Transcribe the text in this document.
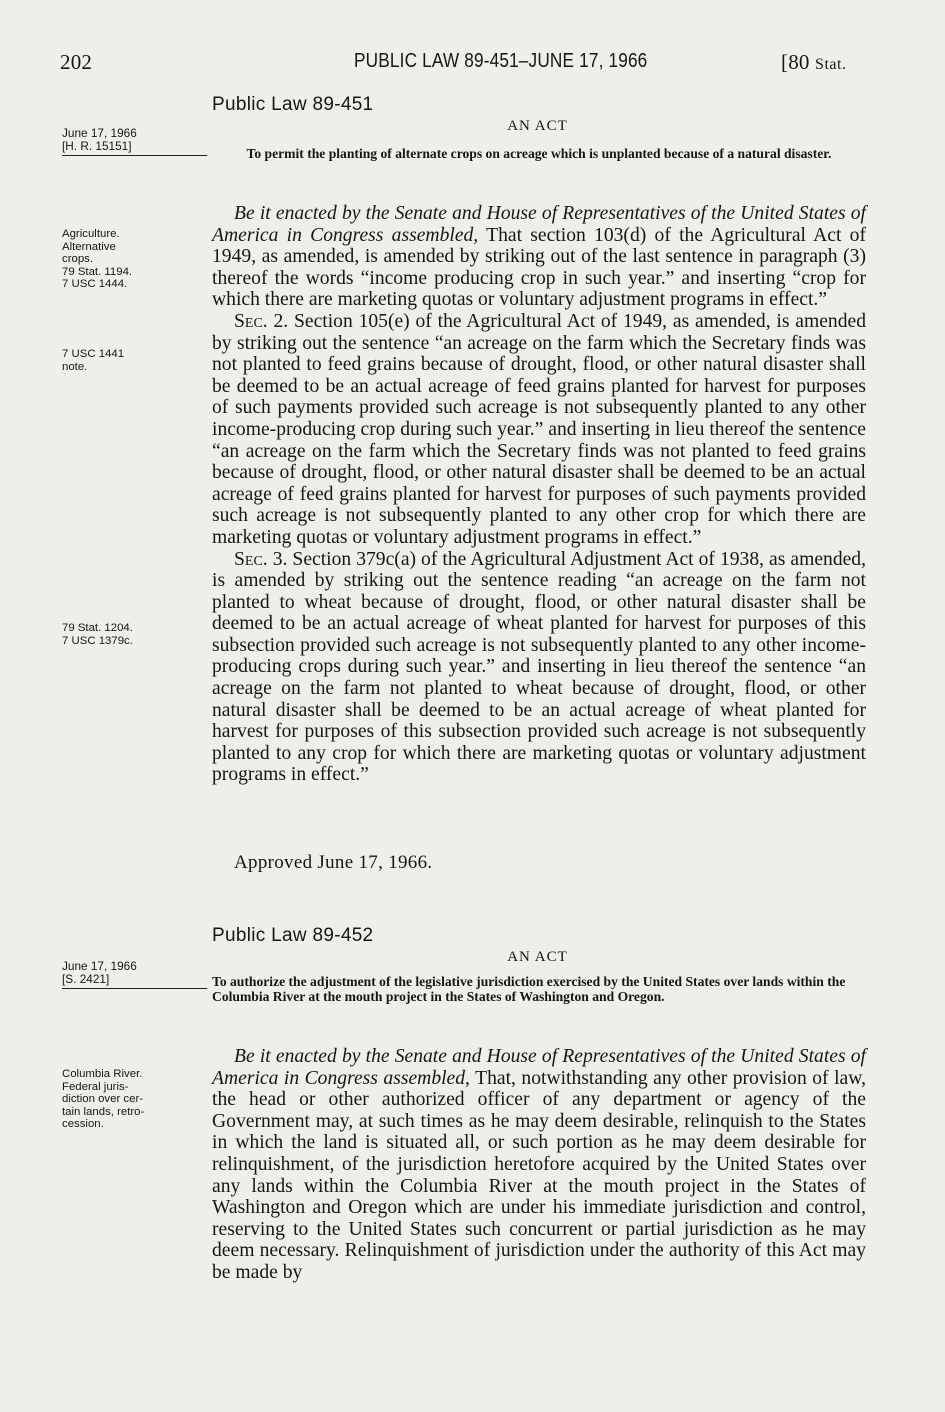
202	PUBLIC LAW 89-451–JUNE 17, 1966	[80 Stat.
Public Law 89-451
AN ACT
June 17, 1966
[H. R. 15151]	To permit the planting of alternate crops on acreage which is unplanted because of a natural disaster.
Agriculture.
Alternative
crops.
79 Stat. 1194.
7 USC 1444.
7 USC 1441
note.
79 Stat. 1204.
7 USC 1379c.

Be it enacted by the Senate and House of Representatives of the United States of America in Congress assembled, That section 103(d) of the Agricultural Act of 1949, as amended, is amended by striking out of the last sentence in paragraph (3) thereof the words “income producing crop in such year.” and inserting “crop for which there are marketing quotas or voluntary adjustment programs in effect.”

Sec. 2. Section 105(e) of the Agricultural Act of 1949, as amended, is amended by striking out the sentence “an acreage on the farm which the Secretary finds was not planted to feed grains because of drought, flood, or other natural disaster shall be deemed to be an actual acreage of feed grains planted for harvest for purposes of such payments provided such acreage is not subsequently planted to any other income-producing crop during such year.” and inserting in lieu thereof the sentence “an acreage on the farm which the Secretary finds was not planted to feed grains because of drought, flood, or other natural disaster shall be deemed to be an actual acreage of feed grains planted for harvest for purposes of such payments provided such acreage is not subsequently planted to any other crop for which there are marketing quotas or voluntary adjustment programs in effect.”

Sec. 3. Section 379c(a) of the Agricultural Adjustment Act of 1938, as amended, is amended by striking out the sentence reading “an acreage on the farm not planted to wheat because of drought, flood, or other natural disaster shall be deemed to be an actual acreage of wheat planted for harvest for purposes of this subsection provided such acreage is not subsequently planted to any other income-producing crops during such year.” and inserting in lieu thereof the sentence “an acreage on the farm not planted to wheat because of drought, flood, or other natural disaster shall be deemed to be an actual acreage of wheat planted for harvest for purposes of this subsection provided such acreage is not subsequently planted to any crop for which there are marketing quotas or voluntary adjustment programs in effect.”

Approved June 17, 1966.
Public Law 89-452
AN ACT
June 17, 1966
[S. 2421]	To authorize the adjustment of the legislative jurisdiction exercised by the United States over lands within the Columbia River at the mouth project in the States of Washington and Oregon.
Columbia River.
Federal juris-
diction over cer-
tain lands, retro-
cession.

Be it enacted by the Senate and House of Representatives of the United States of America in Congress assembled, That, notwithstanding any other provision of law, the head or other authorized officer of any department or agency of the Government may, at such times as he may deem desirable, relinquish to the States in which the land is situated all, or such portion as he may deem desirable for relinquishment, of the jurisdiction heretofore acquired by the United States over any lands within the Columbia River at the mouth project in the States of Washington and Oregon which are under his immediate jurisdiction and control, reserving to the United States such concurrent or partial jurisdiction as he may deem necessary. Relinquishment of jurisdiction under the authority of this Act may be made by
